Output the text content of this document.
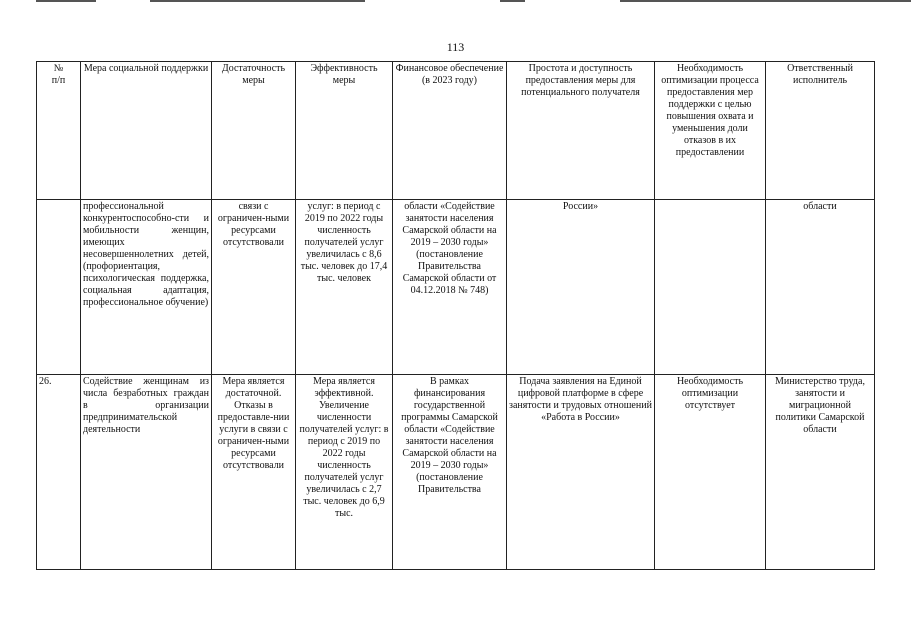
113
№
п/п	Мера социальной поддержки	Достаточность меры	Эффективность меры	Финансовое обеспечение (в 2023 году)	Простота и доступность предоставления меры для потенциального получателя	Необходимость оптимизации процесса предоставления мер поддержки с целью повышения охвата и уменьшения доли отказов в их предоставлении	Ответственный исполнитель
	профессиональной конкурентоспособно-сти и мобильности женщин, имеющих несовершеннолетних детей, (профориентация, психологическая поддержка, социальная адаптация, профессиональное обучение)	связи с ограничен-ными ресурсами отсутствовали	услуг: в период с 2019 по 2022 годы численность получателей услуг увеличилась с 8,6 тыс. человек до 17,4 тыс. человек	области «Содействие занятости населения Самарской области на 2019 – 2030 годы» (постановление Правительства Самарской области от 04.12.2018 № 748)	России»		области
26.	Содействие женщинам из числа безработных граждан в организации предпринимательской деятельности	Мера является достаточной. Отказы в предоставле-нии услуги в связи с ограничен-ными ресурсами отсутствовали	Мера является эффективной. Увеличение численности получателей услуг: в период с 2019 по 2022 годы численность получателей услуг увеличилась с 2,7 тыс. человек до 6,9 тыс.	В рамках финансирования государственной программы Самарской области «Содействие занятости населения Самарской области на 2019 – 2030 годы» (постановление Правительства	Подача заявления на Единой цифровой платформе в сфере занятости и трудовых отношений «Работа в России»	Необходимость оптимизации отсутствует	Министерство труда, занятости и миграционной политики Самарской области
